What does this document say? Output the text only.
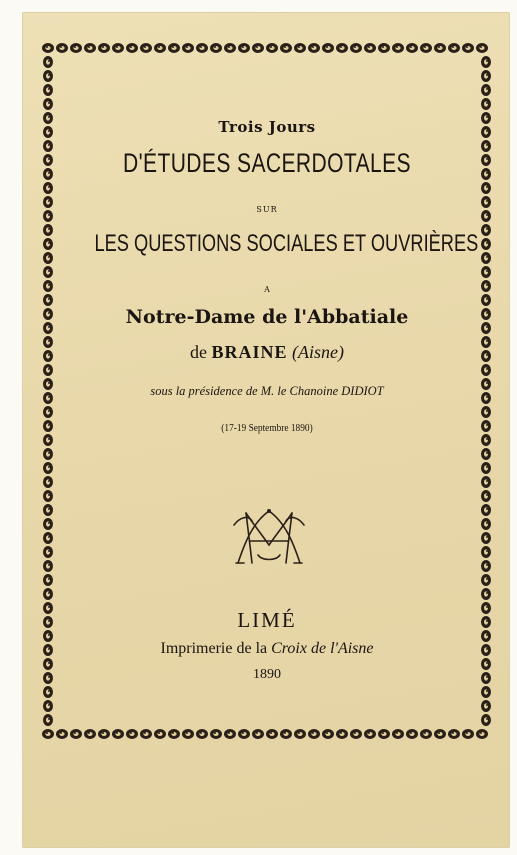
Trois Jours
D'ÉTUDES SACERDOTALES
SUR
LES QUESTIONS SOCIALES ET OUVRIÈRES
A
Notre-Dame de l'Abbatiale
de BRAINE (Aisne)
sous la présidence de M. le Chanoine DIDIOT
(17-19 Septembre 1890)
LIMÉ
Imprimerie de la Croix de l'Aisne
1890
